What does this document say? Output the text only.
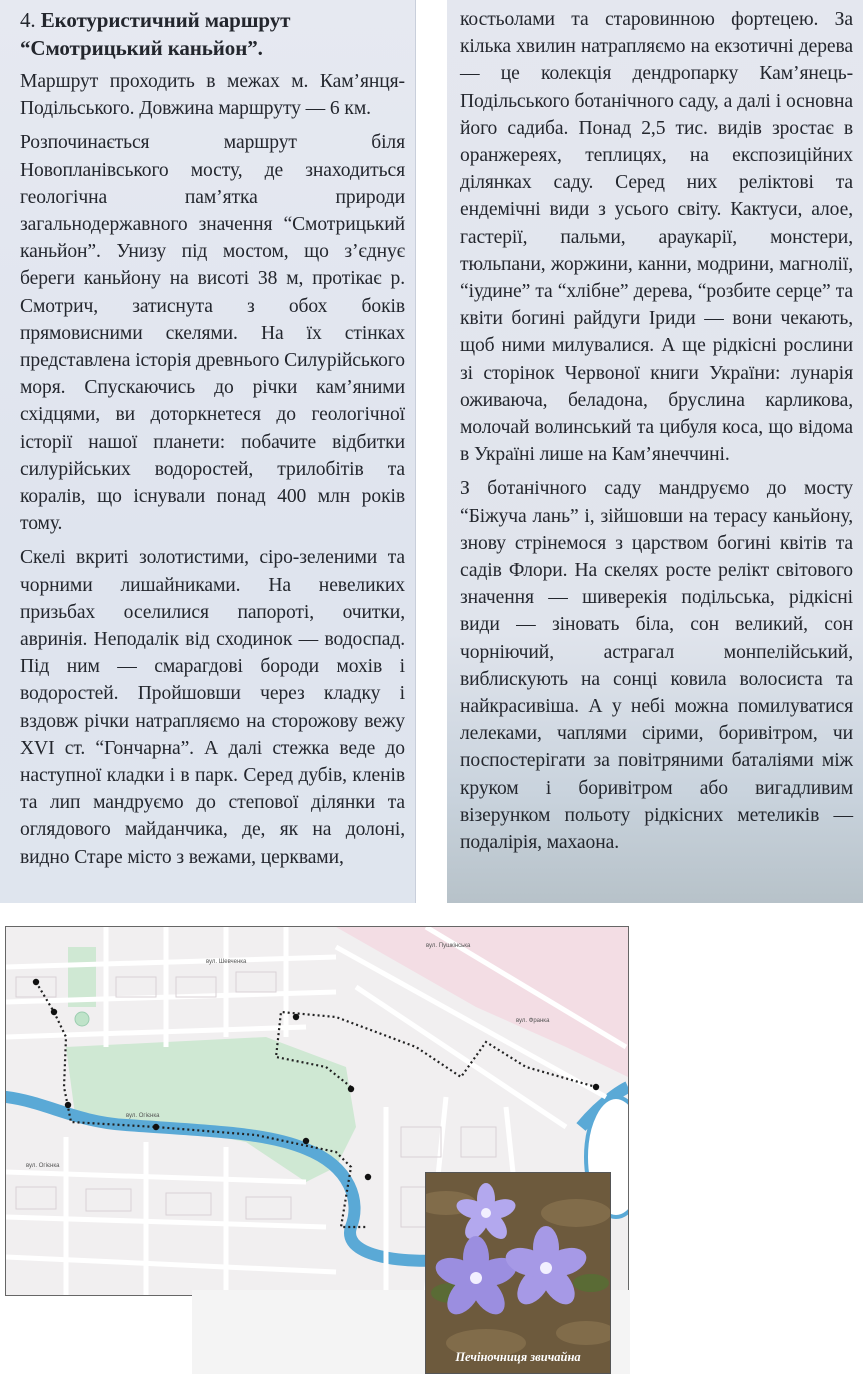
4. Екотуристичний маршрут “Смотрицький каньйон”.

Маршрут проходить в межах м. Кам’янця-Подільського. Довжина маршруту — 6 км.

Розпочинається маршрут біля Новопланівського мосту, де знаходиться геологічна пам’ятка природи загальнодержавного значення “Смотрицький каньйон”. Унизу під мостом, що з’єднує береги каньйону на висоті 38 м, протікає р. Смотрич, затиснута з обох боків прямовисними скелями. На їх стінках представлена історія древнього Силурійського моря. Спускаючись до річки кам’яними східцями, ви доторкнетеся до геологічної історії нашої планети: побачите відбитки силурійських водоростей, трилобітів та коралів, що існували понад 400 млн років тому.

Скелі вкриті золотистими, сіро-зеленими та чорними лишайниками. На невеликих призьбах оселилися папороті, очитки, авринія. Неподалік від сходинок — водоспад. Під ним — смарагдові бороди мохів і водоростей. Пройшовши через кладку і вздовж річки натрапляємо на сторожову вежу XVI ст. “Гончарна”. А далі стежка веде до наступної кладки і в парк. Серед дубів, кленів та лип мандруємо до степової ділянки та оглядового майданчика, де, як на долоні, видно Старе місто з вежами, церквами,

костьолами та старовинною фортецею. За кілька хвилин натрапляємо на екзотичні дерева — це колекція дендропарку Кам’янець-Подільського ботанічного саду, а далі і основна його садиба. Понад 2,5 тис. видів зростає в оранжереях, теплицях, на експозиційних ділянках саду. Серед них реліктові та ендемічні види з усього світу. Кактуси, алое, гастерії, пальми, араукарії, монстери, тюльпани, жоржини, канни, модрини, магнолії, “іудине” та “хлібне” дерева, “розбите серце” та квіти богині райдуги Іриди — вони чекають, щоб ними милувалися. А ще рідкісні рослини зі сторінок Червоної книги України: лунарія оживаюча, беладона, бруслина карликова, молочай волинський та цибуля коса, що відома в Україні лише на Кам’янеччині.

З ботанічного саду мандруємо до мосту “Біжуча лань” і, зійшовши на терасу каньйону, знову стрінемося з царством богині квітів та садів Флори. На скелях росте релікт світового значення — шиверекія подільська, рідкісні види — зіновать біла, сон великий, сон чорніючий, астрагал монпелійський, виблискують на сонці ковила волосиста та найкрасивіша. А у небі можна помилуватися лелеками, чаплями сірими, боривітром, чи поспостерігати за повітряними баталіями між круком і боривітром або вигадливим візерунком польоту рідкісних метеликів — подалірія, махаона.

вул. Огієнка
вул. Огієнка
вул. Шевченка
вул. Пушкінська
вул. Франка
Печіночниця звичайна
